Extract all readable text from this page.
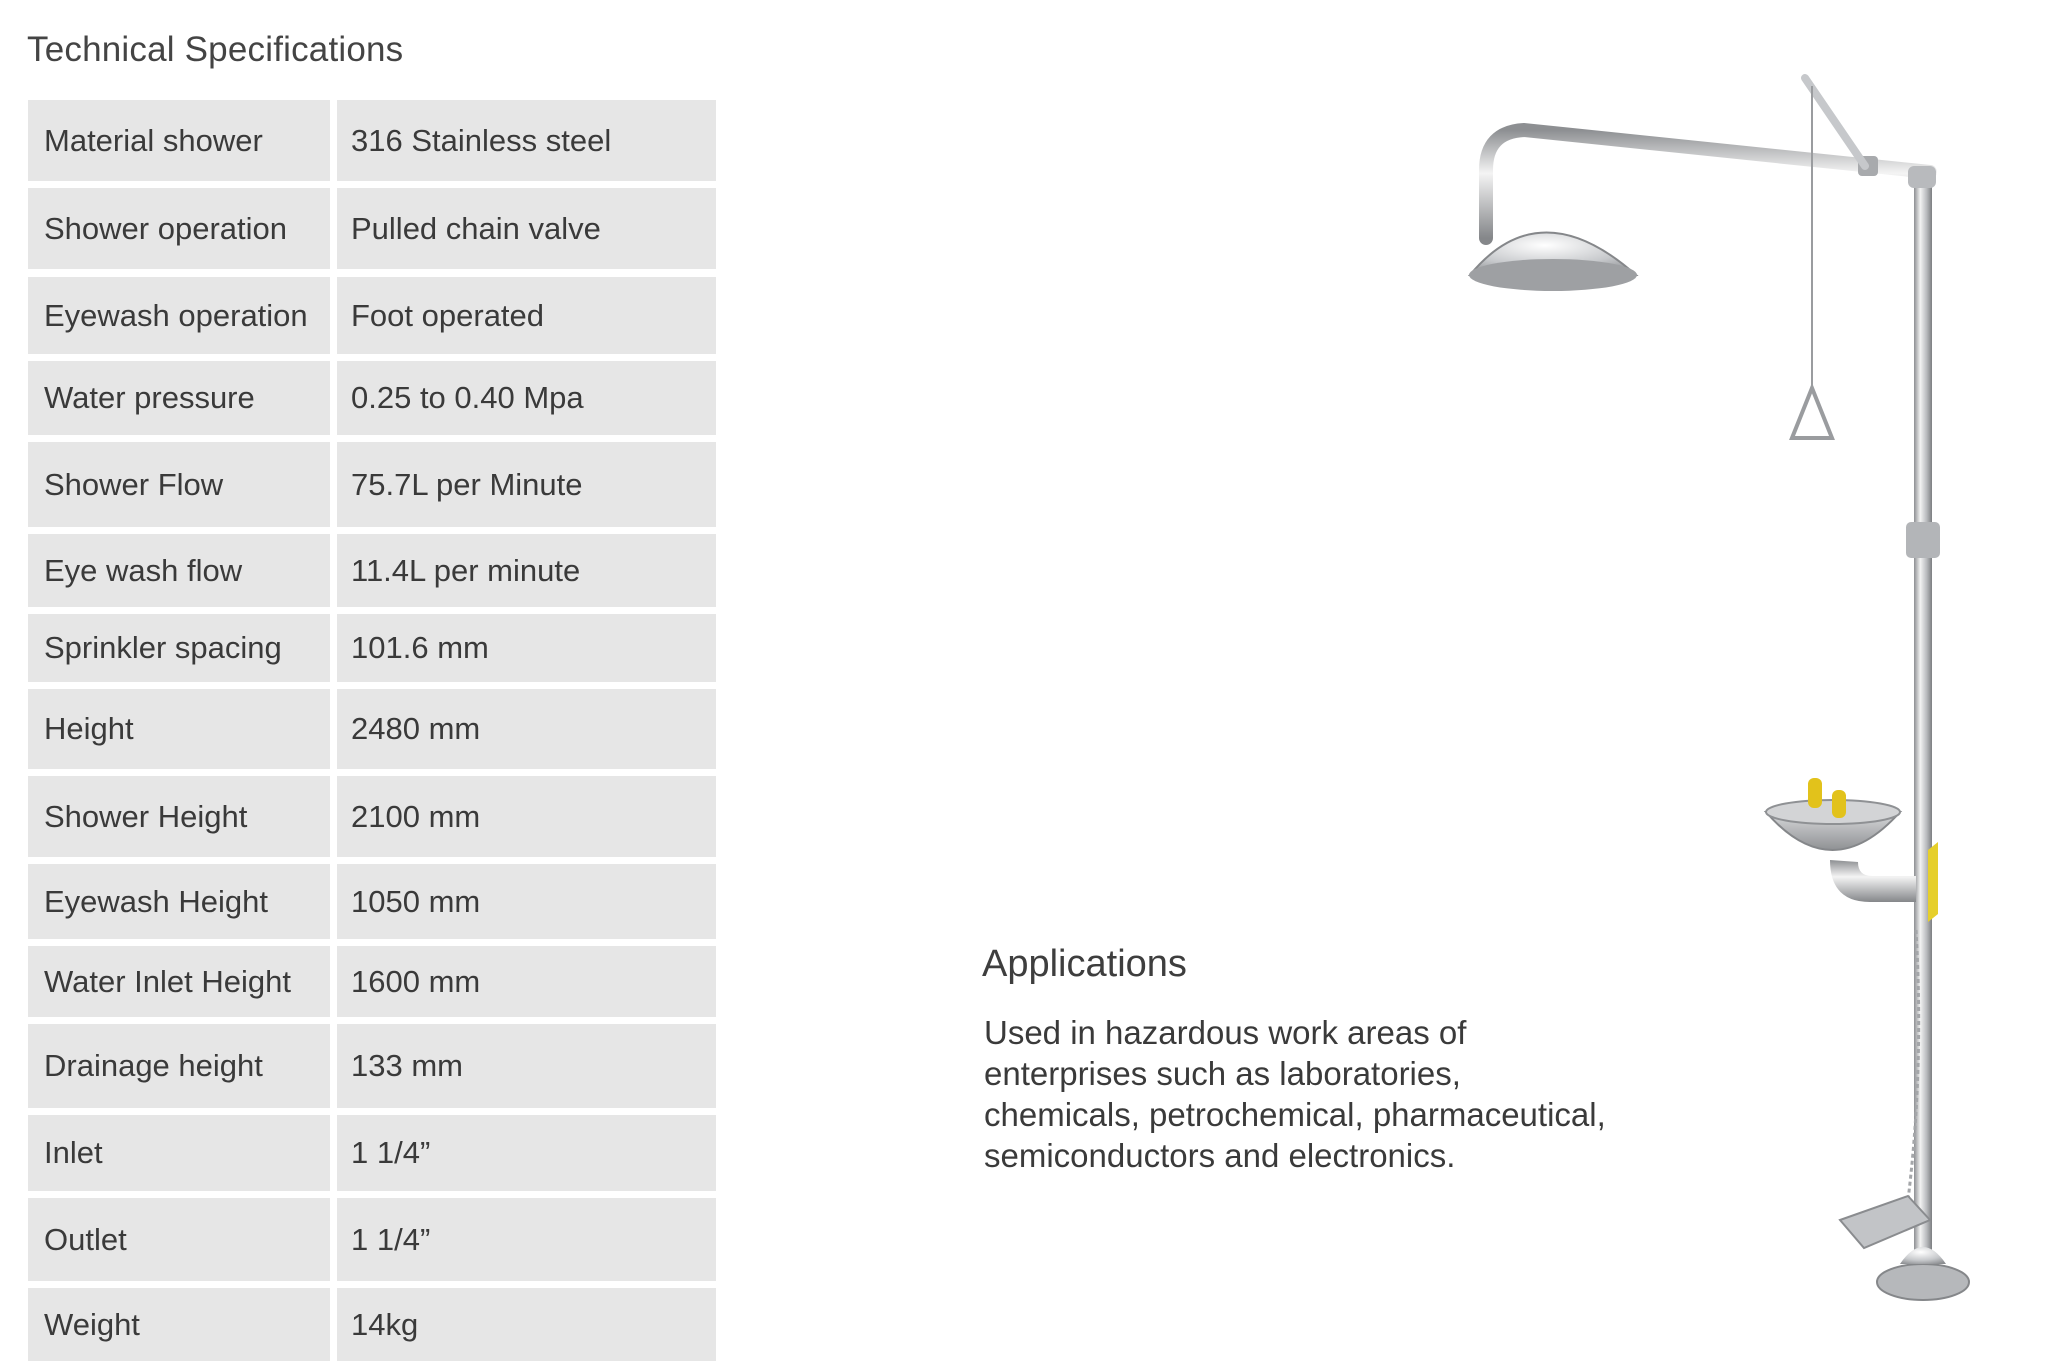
Technical Specifications
Material shower	316 Stainless steel
Shower operation	Pulled chain valve
Eyewash operation	Foot operated
Water pressure	0.25 to 0.40 Mpa
Shower Flow	75.7L per Minute
Eye wash flow	11.4L per minute
Sprinkler spacing	101.6 mm
Height	2480 mm
Shower Height	2100 mm
Eyewash Height	1050 mm
Water Inlet Height	1600 mm
Drainage height	133 mm
Inlet	1 1/4”
Outlet	1 1/4”
Weight	14kg
Applications
Used in hazardous work areas of enterprises such as laboratories, chemicals, petrochemical, pharmaceutical, semiconductors and electronics.
